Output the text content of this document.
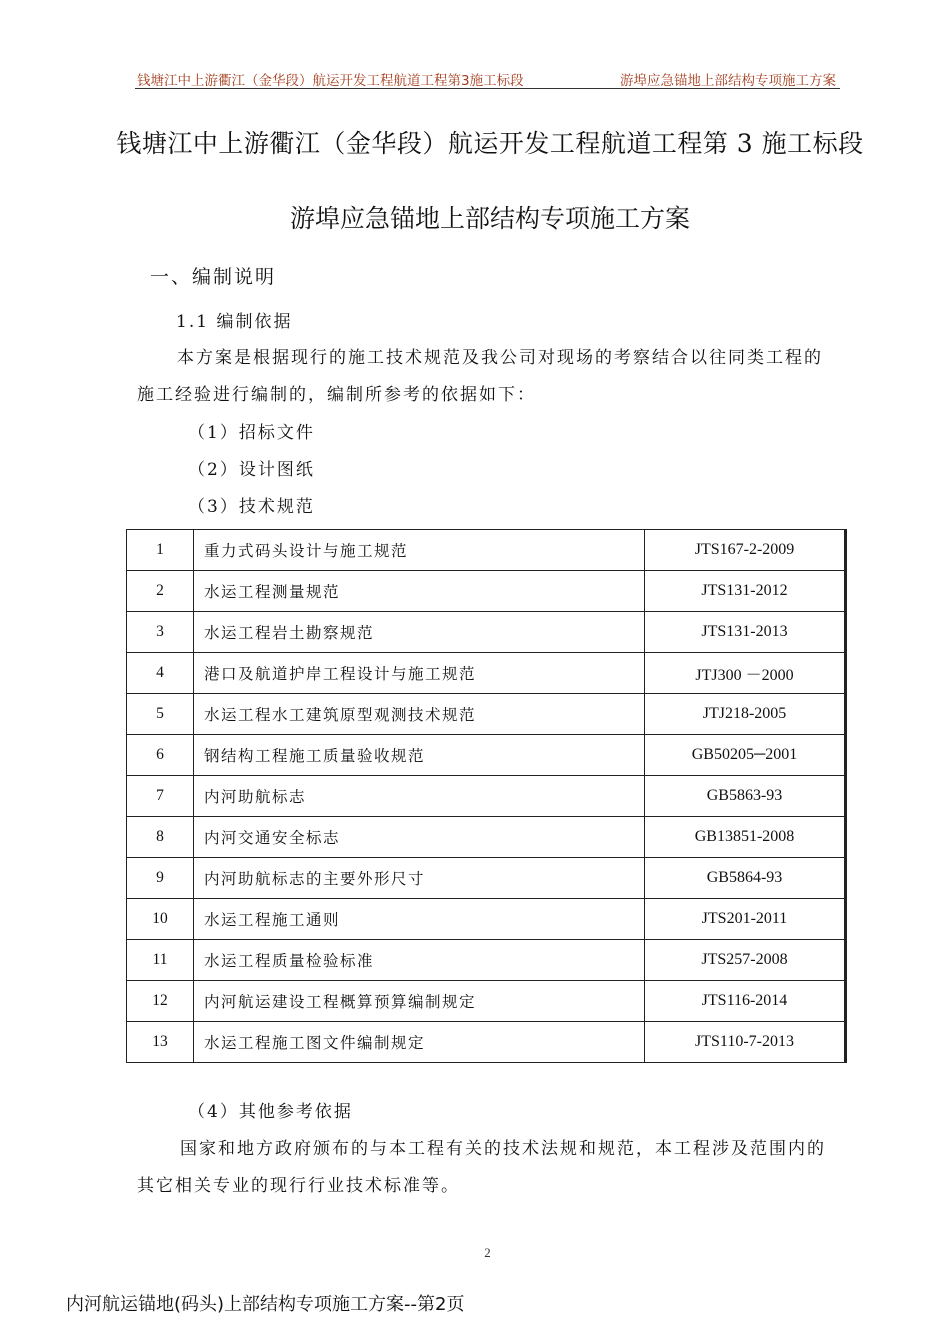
钱塘江中上游衢江（金华段）航运开发工程航道工程第3施工标段	游埠应急锚地上部结构专项施工方案
钱塘江中上游衢江（金华段）航运开发工程航道工程第 3 施工标段
游埠应急锚地上部结构专项施工方案
一、编制说明
1.1 编制依据
本方案是根据现行的施工技术规范及我公司对现场的考察结合以往同类工程的
施工经验进行编制的，编制所参考的依据如下：
（1）招标文件
（2）设计图纸
（3）技术规范
1	重力式码头设计与施工规范	JTS167-2-2009
2	水运工程测量规范	JTS131-2012
3	水运工程岩土勘察规范	JTS131-2013
4	港口及航道护岸工程设计与施工规范	JTJ300 －2000
5	水运工程水工建筑原型观测技术规范	JTJ218-2005
6	钢结构工程施工质量验收规范	GB50205─2001
7	内河助航标志	GB5863-93
8	内河交通安全标志	GB13851-2008
9	内河助航标志的主要外形尺寸	GB5864-93
10	水运工程施工通则	JTS201-2011
11	水运工程质量检验标准	JTS257-2008
12	内河航运建设工程概算预算编制规定	JTS116-2014
13	水运工程施工图文件编制规定	JTS110-7-2013
（4）其他参考依据
国家和地方政府颁布的与本工程有关的技术法规和规范，本工程涉及范围内的
其它相关专业的现行行业技术标准等。
2
内河航运锚地(码头)上部结构专项施工方案--第2页
